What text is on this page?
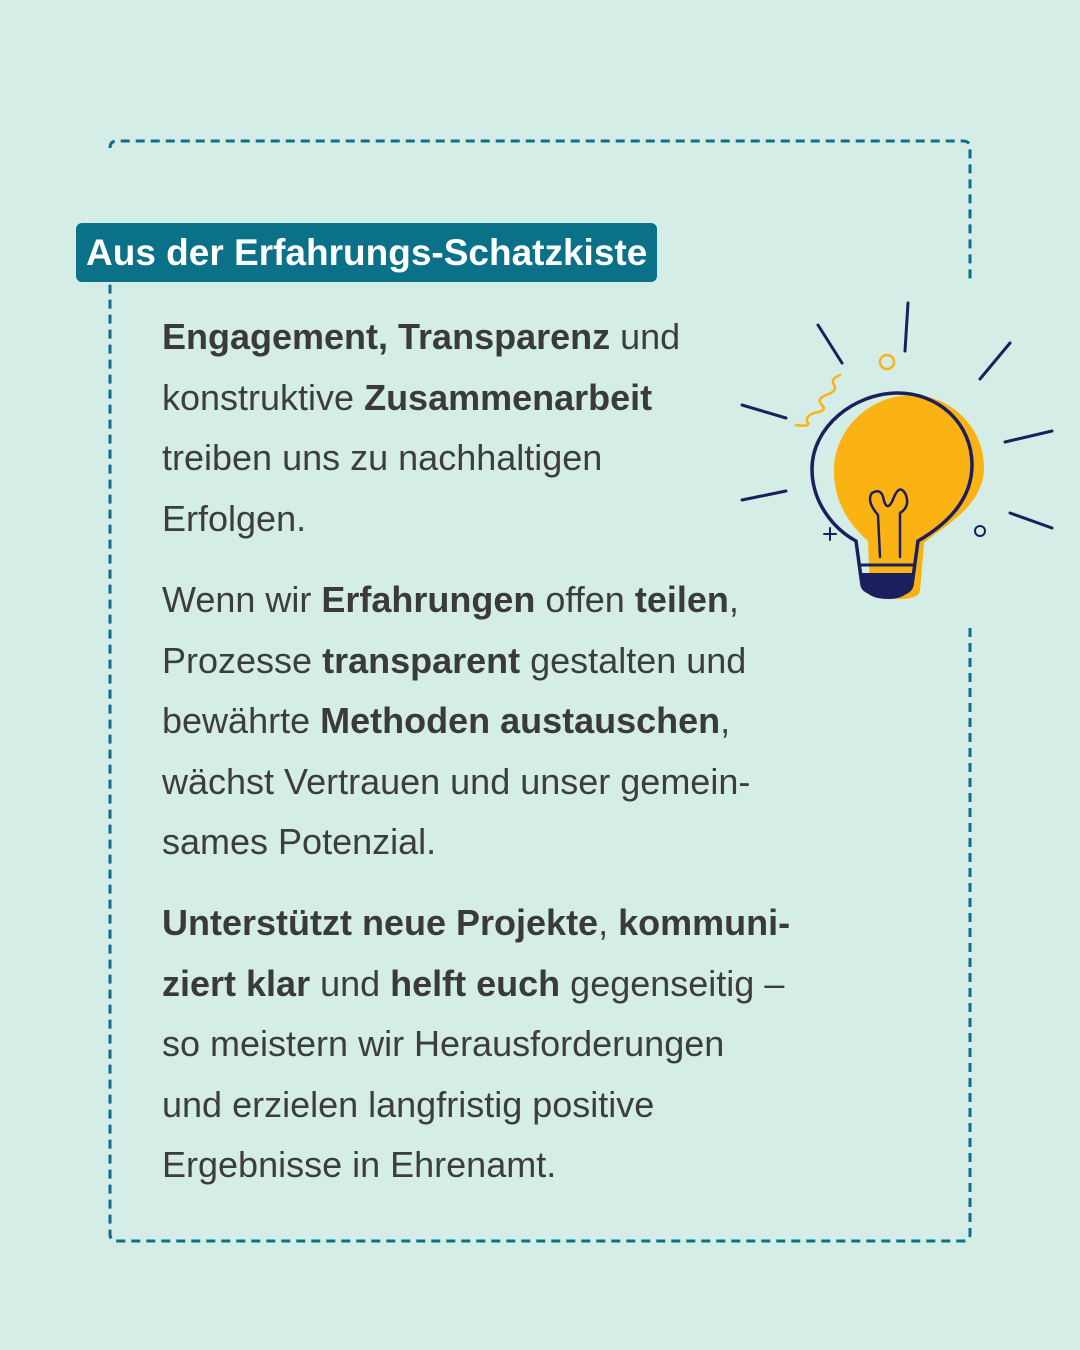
Aus der Erfahrungs-Schatzkiste
Engagement, Transparenz und
konstruktive Zusammenarbeit
treiben uns zu nachhaltigen
Erfolgen.
Wenn wir Erfahrungen offen teilen,
Prozesse transparent gestalten und
bewährte Methoden austauschen,
wächst Vertrauen und unser gemein-
sames Potenzial.
Unterstützt neue Projekte, kommuni-
ziert klar und helft euch gegenseitig –
so meistern wir Herausforderungen
und erzielen langfristig positive
Ergebnisse in Ehrenamt.
